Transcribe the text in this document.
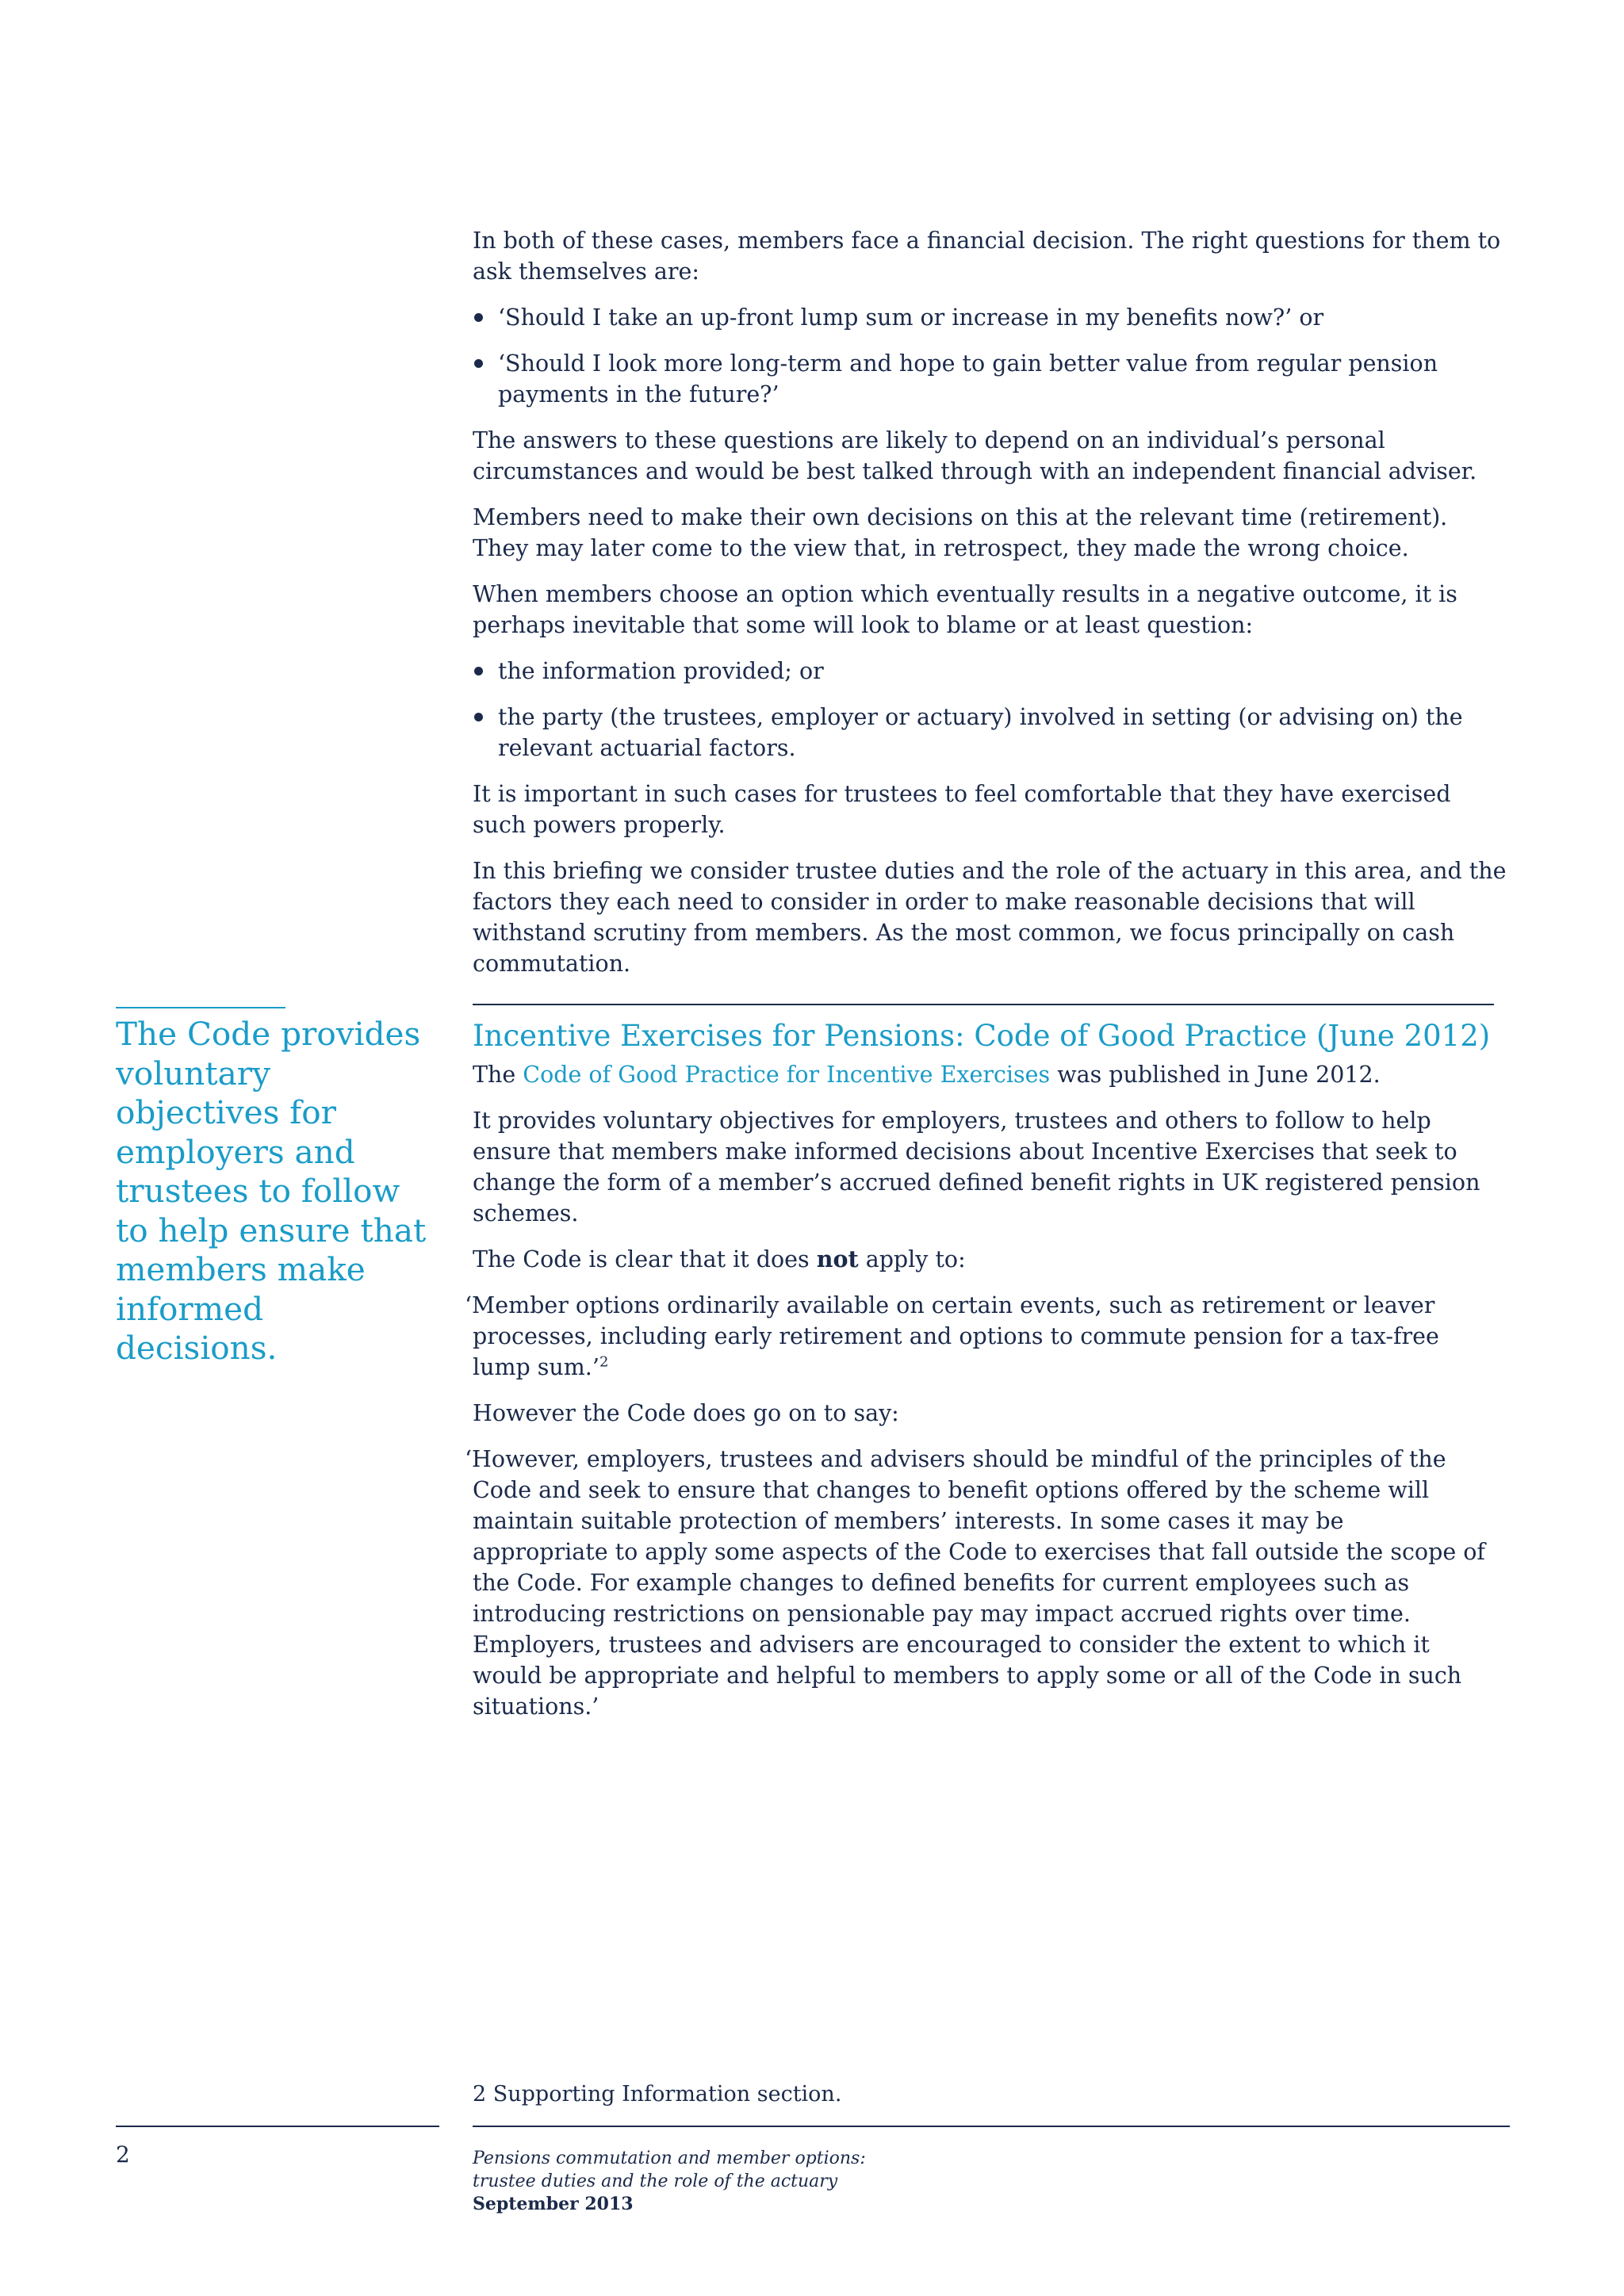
In both of these cases, members face a financial decision. The right questions for them to ask themselves are:

‘Should I take an up-front lump sum or increase in my benefits now?’ or
‘Should I look more long-term and hope to gain better value from regular pension payments in the future?’

The answers to these questions are likely to depend on an individual’s personal circumstances and would be best talked through with an independent financial adviser.

Members need to make their own decisions on this at the relevant time (retirement). They may later come to the view that, in retrospect, they made the wrong choice.

When members choose an option which eventually results in a negative outcome, it is perhaps inevitable that some will look to blame or at least question:

the information provided; or
the party (the trustees, employer or actuary) involved in setting (or advising on) the relevant actuarial factors.

It is important in such cases for trustees to feel comfortable that they have exercised such powers properly.

In this briefing we consider trustee duties and the role of the actuary in this area, and the factors they each need to consider in order to make reasonable decisions that will withstand scrutiny from members. As the most common, we focus principally on cash commutation.

Incentive Exercises for Pensions: Code of Good Practice (June 2012)

The Code of Good Practice for Incentive Exercises was published in June 2012.

It provides voluntary objectives for employers, trustees and others to follow to help ensure that members make informed decisions about Incentive Exercises that seek to change the form of a member’s accrued defined benefit rights in UK registered pension schemes.

The Code is clear that it does not apply to:

‘Member options ordinarily available on certain events, such as retirement or leaver processes, including early retirement and options to commute pension for a tax-free lump sum.’$^2$

However the Code does go on to say:

‘However, employers, trustees and advisers should be mindful of the principles of the Code and seek to ensure that changes to benefit options offered by the scheme will maintain suitable protection of members’ interests. In some cases it may be appropriate to apply some aspects of the Code to exercises that fall outside the scope of the Code. For example changes to defined benefits for current employees such as introducing restrictions on pensionable pay may impact accrued rights over time. Employers, trustees and advisers are encouraged to consider the extent to which it would be appropriate and helpful to members to apply some or all of the Code in such situations.’

The Code provides voluntary objectives for employers and trustees to follow to help ensure that members make informed decisions.
2 Supporting Information section.
2	Pensions commutation and member options:
trustee duties and the role of the actuary
September 2013
